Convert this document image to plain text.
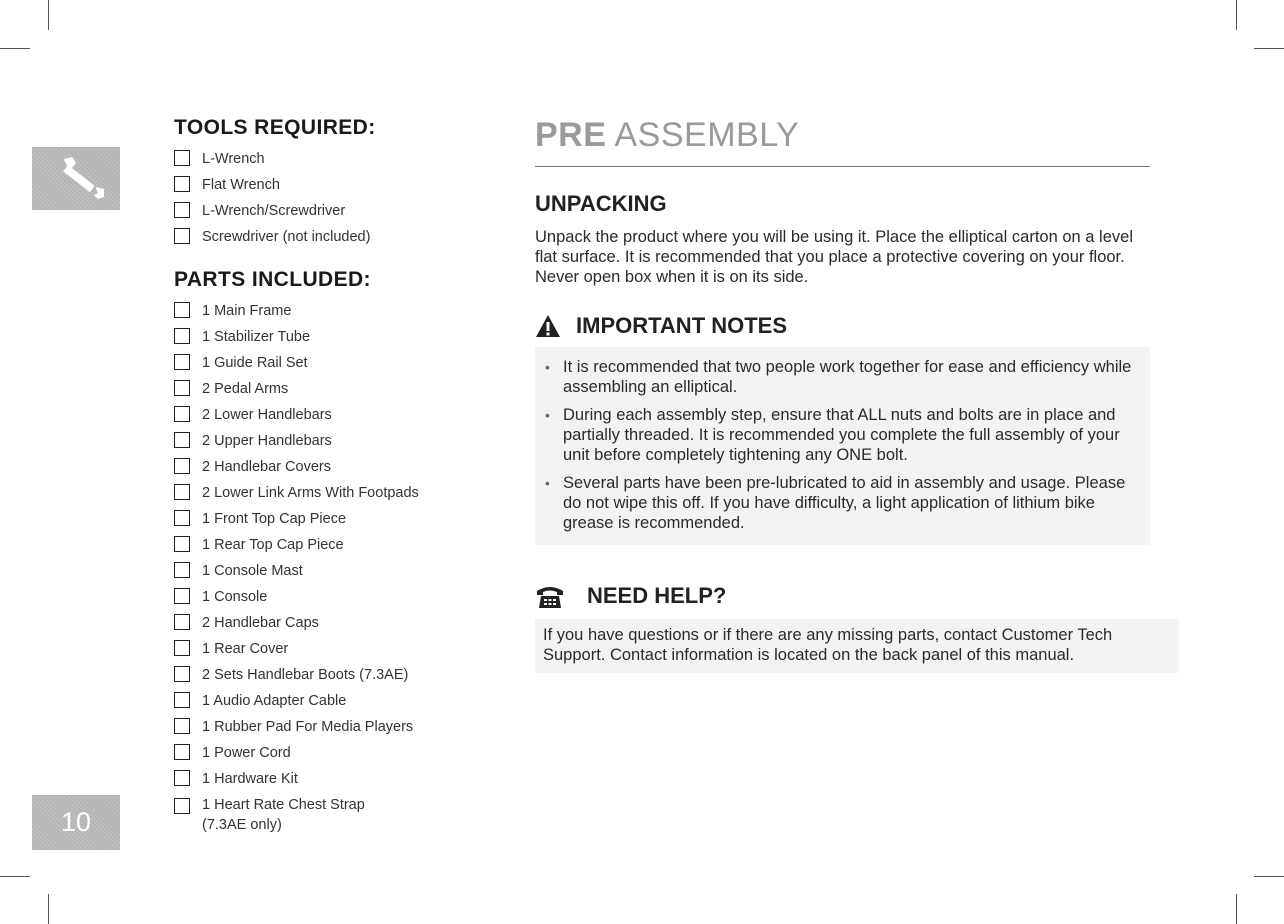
10
TOOLS REQUIRED:
L-Wrench
Flat Wrench
L-Wrench/Screwdriver
Screwdriver (not included)
PARTS INCLUDED:
1 Main Frame
1 Stabilizer Tube
1 Guide Rail Set
2 Pedal Arms
2 Lower Handlebars
2 Upper Handlebars
2 Handlebar Covers
2 Lower Link Arms With Footpads
1 Front Top Cap Piece
1 Rear Top Cap Piece
1 Console Mast
1 Console
2 Handlebar Caps
1 Rear Cover
2 Sets Handlebar Boots (7.3AE)
1 Audio Adapter Cable
1 Rubber Pad For Media Players
1 Power Cord
1 Hardware Kit
1 Heart Rate Chest Strap
(7.3AE only)
PRE ASSEMBLY
UNPACKING

Unpack the product where you will be using it. Place the elliptical carton on a level flat surface. It is recommended that you place a protective covering on your floor. Never open box when it is on its side.

IMPORTANT NOTES
• It is recommended that two people work together for ease and efficiency while assembling an elliptical.
• During each assembly step, ensure that ALL nuts and bolts are in place and partially threaded. It is recommended you complete the full assembly of your unit before completely tightening any ONE bolt.
• Several parts have been pre-lubricated to aid in assembly and usage. Please do not wipe this off. If you have difficulty, a light application of lithium bike grease is recommended.
NEED HELP?

If you have questions or if there are any missing parts, contact Customer Tech Support. Contact information is located on the back panel of this manual.
